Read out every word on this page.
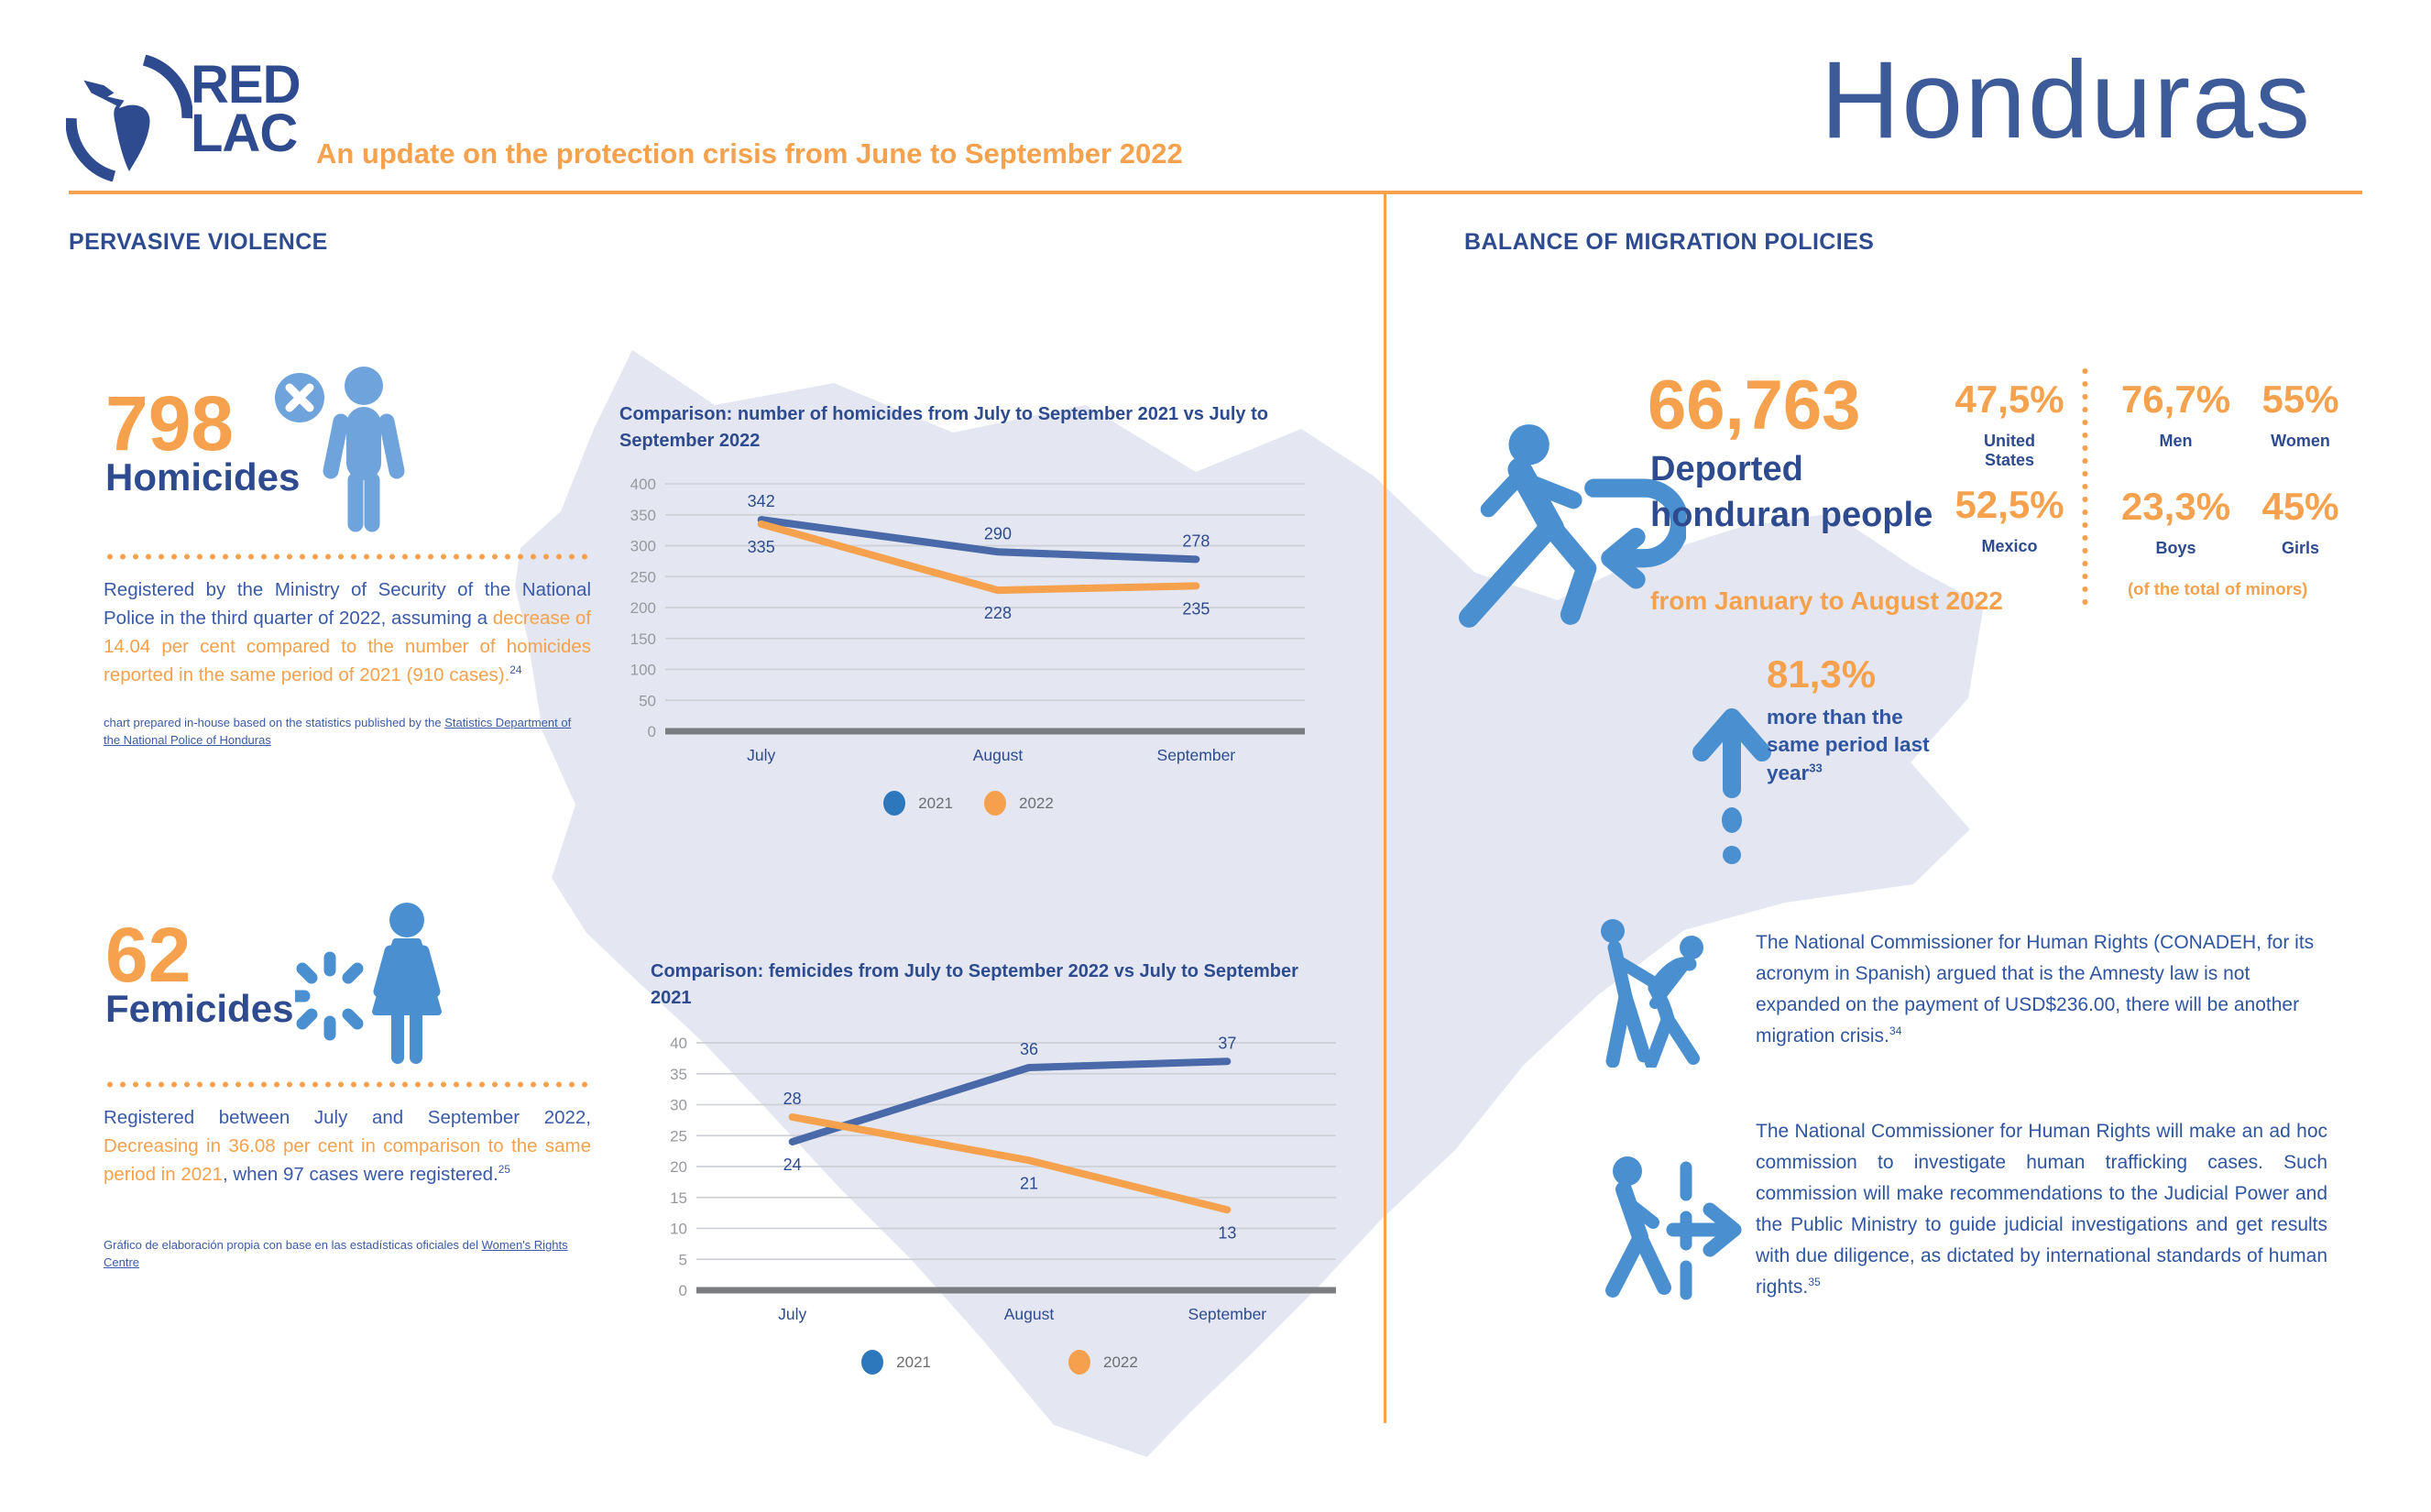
RED
LAC An update on the protection crisis from June to September 2022	Honduras
PERVASIVE VIOLENCE
798
Homicides
Registered by the Ministry of Security of the National Police in the third quarter of 2022, assuming a decrease of 14.04 per cent compared to the number of homicides reported in the same period of 2021 (910 cases).$^{24}$
chart prepared in-house based on the statistics published by the Statistics Department of the National Police of Honduras
Comparison: number of homicides from July to September 2021 vs July to September 2022
0
50
100
150
200
250
300
350
400
July	August	September
342
290	278
335
228	235
2021	2022
62
Femicides
Registered between July and September 2022, Decreasing in 36.08 per cent in comparison to the same period in 2021, when 97 cases were registered.$^{25}$
Gráfico de elaboración propia con base en las estadísticas oficiales del Women's Rights Centre
Comparison: femicides from July to September 2022 vs July to September 2021
0
5
10
15
20
25
30
35
40
July	August	September
24
36	37
28
21
13
2021	2022
BALANCE OF MIGRATION POLICIES
66,763
Deported honduran people
from January to August 2022
47,5%
United States
52,5%
Mexico
76,7%
Men
23,3%
Boys
55%
Women
45%
Girls
(of the total of minors)
81,3%
more than the same period last year$^{33}$
The National Commissioner for Human Rights (CONADEH, for its acronym in Spanish) argued that is the Amnesty law is not expanded on the payment of USD$236.00, there will be another migration crisis.$^{34}$
The National Commissioner for Human Rights will make an ad hoc commission to investigate human trafficking cases. Such commission will make recommendations to the Judicial Power and the Public Ministry to guide judicial investigations and get results with due diligence, as dictated by international standards of human rights.$^{35}$
